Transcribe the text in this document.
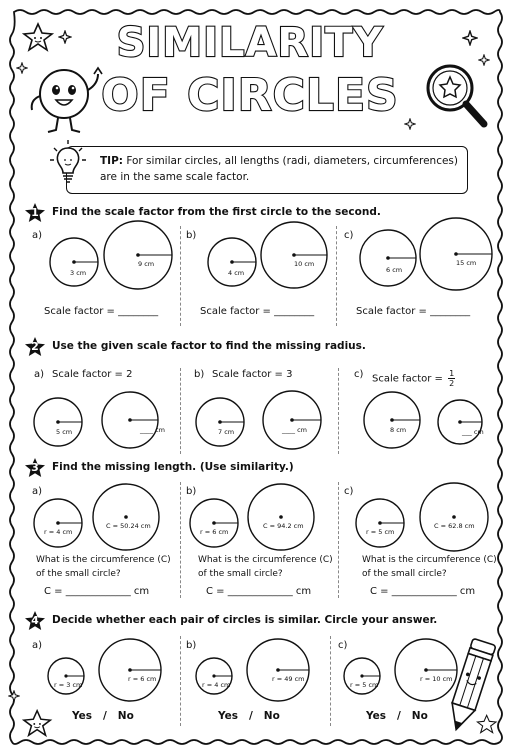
SIMILARITY
OF CIRCLES
TIP: For similar circles, all lengths (radi, diameters, circumferences) are in the same scale factor.
1	Find the scale factor from the first circle to the second.
a)	b)	c)
3 cm
9 cm
4 cm
10 cm
6 cm
15 cm
Scale factor = ________	Scale factor = ________	Scale factor = ________
2	Use the given scale factor to find the missing radius.
a) Scale factor = 2	b) Scale factor = 3	c) Scale factor = $\frac{1}{2}$
5 cm	____ cm	7 cm	____ cm	8 cm	___ cm
3	Find the missing length. (Use similarity.)
a)	b)	c)
r = 4 cm
C = 50.24 cm
r = 6 cm
C = 94.2 cm
r = 5 cm
C = 62.8 cm
What is the circumference (C)
of the small circle?
C = _____________ cm
What is the circumference (C)
of the small circle?
C = _____________ cm
What is the circumference (C)
of the small circle?
C = _____________ cm
4	Decide whether each pair of circles is similar. Circle your answer.
a)	b)	c)
r = 3 cm
r = 6 cm
r = 4 cm
r = 49 cm
r = 5 cm
r = 10 cm
Yes / No	Yes / No	Yes / No
